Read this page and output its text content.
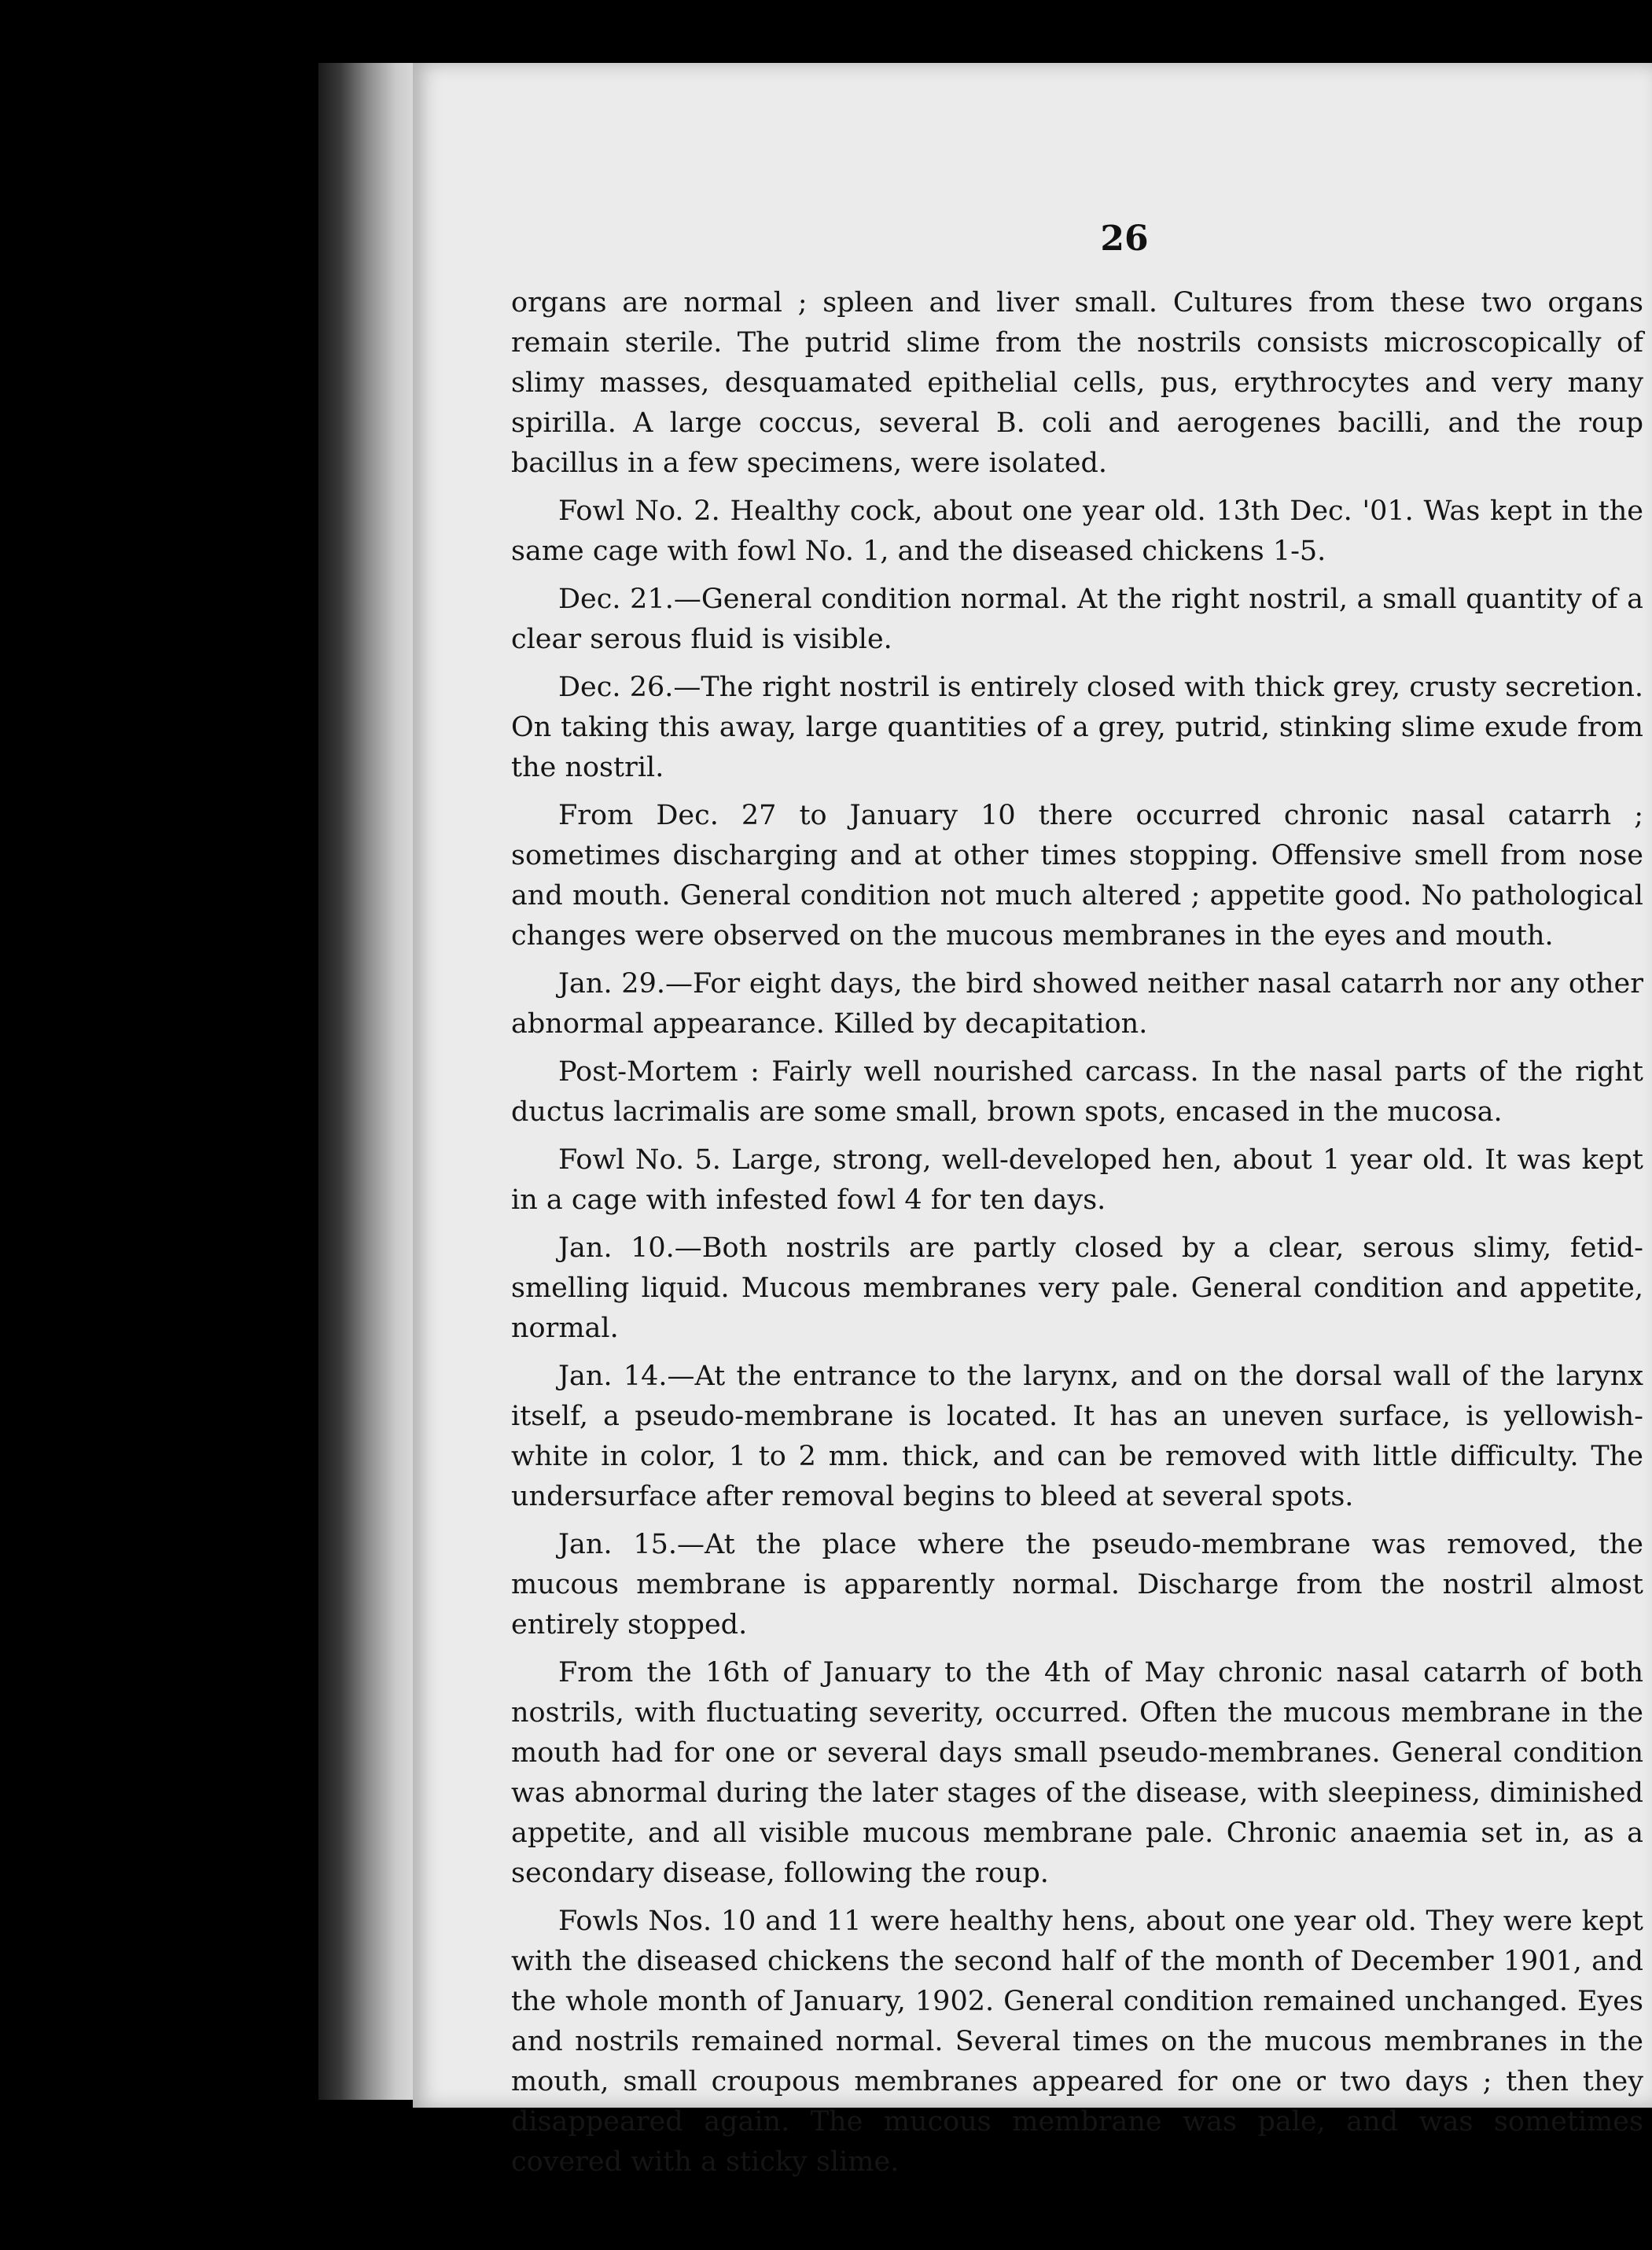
26

organs are normal ; spleen and liver small. Cultures from these two organs remain sterile. The putrid slime from the nostrils consists microscopically of slimy masses, desquamated epithelial cells, pus, erythrocytes and very many spirilla. A large coccus, several B. coli and aerogenes bacilli, and the roup bacillus in a few specimens, were isolated.

Fowl No. 2. Healthy cock, about one year old. 13th Dec. '01. Was kept in the same cage with fowl No. 1, and the diseased chickens 1-5.

Dec. 21.—General condition normal. At the right nostril, a small quantity of a clear serous fluid is visible.

Dec. 26.—The right nostril is entirely closed with thick grey, crusty secretion. On taking this away, large quantities of a grey, putrid, stinking slime exude from the nostril.

From Dec. 27 to January 10 there occurred chronic nasal catarrh ; sometimes discharging and at other times stopping. Offensive smell from nose and mouth. General condition not much altered ; appetite good. No pathological changes were observed on the mucous membranes in the eyes and mouth.

Jan. 29.—For eight days, the bird showed neither nasal catarrh nor any other abnormal appearance. Killed by decapitation.

Post-Mortem : Fairly well nourished carcass. In the nasal parts of the right ductus lacrimalis are some small, brown spots, encased in the mucosa.

Fowl No. 5. Large, strong, well-developed hen, about 1 year old. It was kept in a cage with infested fowl 4 for ten days.

Jan. 10.—Both nostrils are partly closed by a clear, serous slimy, fetid-smelling liquid. Mucous membranes very pale. General condition and appetite, normal.

Jan. 14.—At the entrance to the larynx, and on the dorsal wall of the larynx itself, a pseudo-membrane is located. It has an uneven surface, is yellowish-white in color, 1 to 2 mm. thick, and can be removed with little difficulty. The undersurface after removal begins to bleed at several spots.

Jan. 15.—At the place where the pseudo-membrane was removed, the mucous membrane is apparently normal. Discharge from the nostril almost entirely stopped.

From the 16th of January to the 4th of May chronic nasal catarrh of both nostrils, with fluctuating severity, occurred. Often the mucous membrane in the mouth had for one or several days small pseudo-membranes. General condition was abnormal during the later stages of the disease, with sleepiness, diminished appetite, and all visible mucous membrane pale. Chronic anaemia set in, as a secondary disease, following the roup.

Fowls Nos. 10 and 11 were healthy hens, about one year old. They were kept with the diseased chickens the second half of the month of December 1901, and the whole month of January, 1902. General condition remained unchanged. Eyes and nostrils remained normal. Several times on the mucous membranes in the mouth, small croupous membranes appeared for one or two days ; then they disappeared again. The mucous membrane was pale, and was sometimes covered with a sticky slime.
